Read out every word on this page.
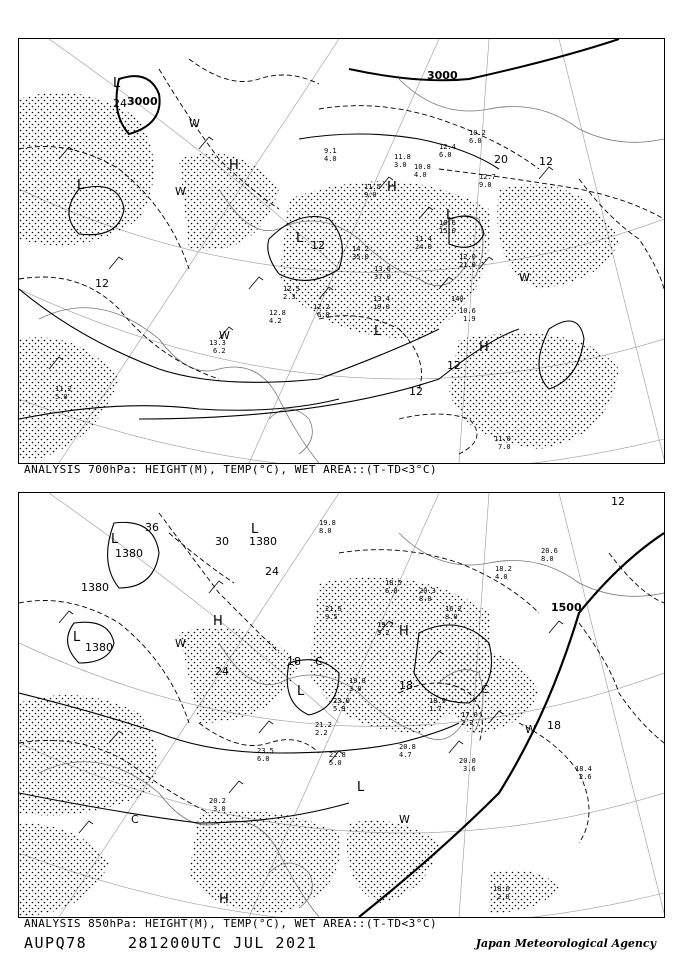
3000
3000
12
12
12
12
12
20
24
L
L
L
L
L
H
H
H
W
W
W
W
11.0
7.0
10.6
1.9
13.3
6.2
12.2
6.0
14.2
35.0
13.6
37.0
11.4
24.0
12.0
21.0
10.8
4.0
12.4
6.0
11.8
3.0
12.7
9.0
9.1
4.0
11.5
9.0
10.6
15.0
11.2
5.0
12.8
4.2
12.5
2.3	13.4
19.0
10.2
6.0
140
ANALYSIS 700hPa: HEIGHT(M), TEMP(°C), WET AREA::(T-TD<3°C)
1380
1380
1380
1380
1500
12
18
18
18
24
24
30
36
L
L
L
L
L
H
H
H
W
W
W
C
C
C
20.0
3.6	18.4
2.6
20.2
3.0
20.8
4.7
18.6
2.0
17.0
2.2
18.5
6.0
19.8
8.0
20.6
8.0
23.5
6.0	22.8
5.0
18.9
1.7
21.2
2.2
23.0
5.9
19.8
3.0
16.2
8.0
20.3
8.0
18.2
4.0
19.2
5.2
21.5
9.5
ANALYSIS 850hPa: HEIGHT(M), TEMP(°C), WET AREA::(T-TD<3°C)
AUPQ78	281200UTC JUL 2021	Japan Meteorological Agency
